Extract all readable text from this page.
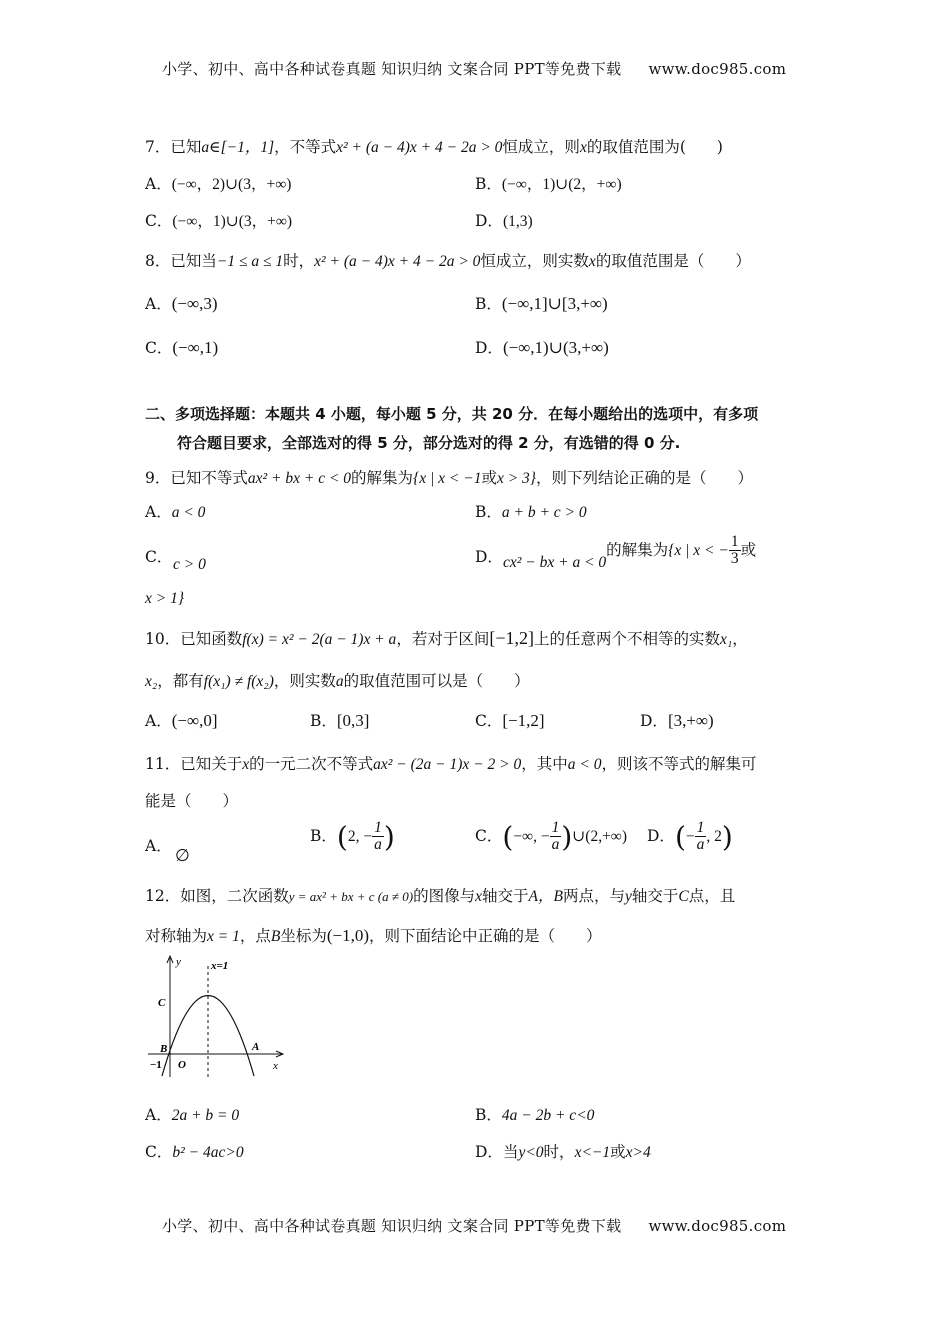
小学、初中、高中各种试卷真题 知识归纳 文案合同 PPT等免费下载 www.doc985.com
7．已知a∈[−1，1]，不等式x² + (a − 4)x + 4 − 2a > 0恒成立，则x的取值范围为(　　)
A．(−∞，2)∪(3，+∞)	B．(−∞，1)∪(2，+∞)
C．(−∞，1)∪(3，+∞)	D．(1,3)
8．已知当−1 ≤ a ≤ 1时，x² + (a − 4)x + 4 − 2a > 0恒成立，则实数x的取值范围是（　　）
A．(−∞,3)	B．(−∞,1]∪[3,+∞)
C．(−∞,1)	D．(−∞,1)∪(3,+∞)
二、多项选择题：本题共 4 小题，每小题 5 分，共 20 分．在每小题给出的选项中，有多项
符合题目要求，全部选对的得 5 分，部分选对的得 2 分，有选错的得 0 分.
9．已知不等式ax² + bx + c < 0的解集为{x | x < −1或x > 3}，则下列结论正确的是（　　）
A．a < 0	B．a + b + c > 0
C． c > 0	D． cx² − bx + a < 0的解集为{x | x < − $\frac{1}{3}$ 或
x > 1}
10．已知函数f(x) = x² − 2(a − 1)x + a，若对于区间[−1,2]上的任意两个不相等的实数x₁，
x₂，都有f(x₁) ≠ f(x₂)，则实数a的取值范围可以是（　　）
A．(−∞,0]	B．[0,3]	C．[−1,2]	D．[3,+∞)
11．已知关于x的一元二次不等式ax² − (2a − 1)x − 2 > 0，其中a < 0，则该不等式的解集可
能是（　　）
A． ∅
B．(2, − $\frac{1}{a}$ )	C．(−∞, − $\frac{1}{a}$ )∪(2,+∞) D．(− $\frac{1}{a}$ , 2)
12．如图，二次函数y = ax² + bx + c (a ≠ 0)的图像与x轴交于A，B两点，与y轴交于C点，且
对称轴为x = 1，点B坐标为(−1,0)，则下面结论中正确的是（　　）
y	x=1
C
B	A
O
−1	x
A．2a + b = 0	B．4a − 2b + c<0
C．b² − 4ac>0	D．当y<0时，x<−1或x>4
小学、初中、高中各种试卷真题 知识归纳 文案合同 PPT等免费下载 www.doc985.com
